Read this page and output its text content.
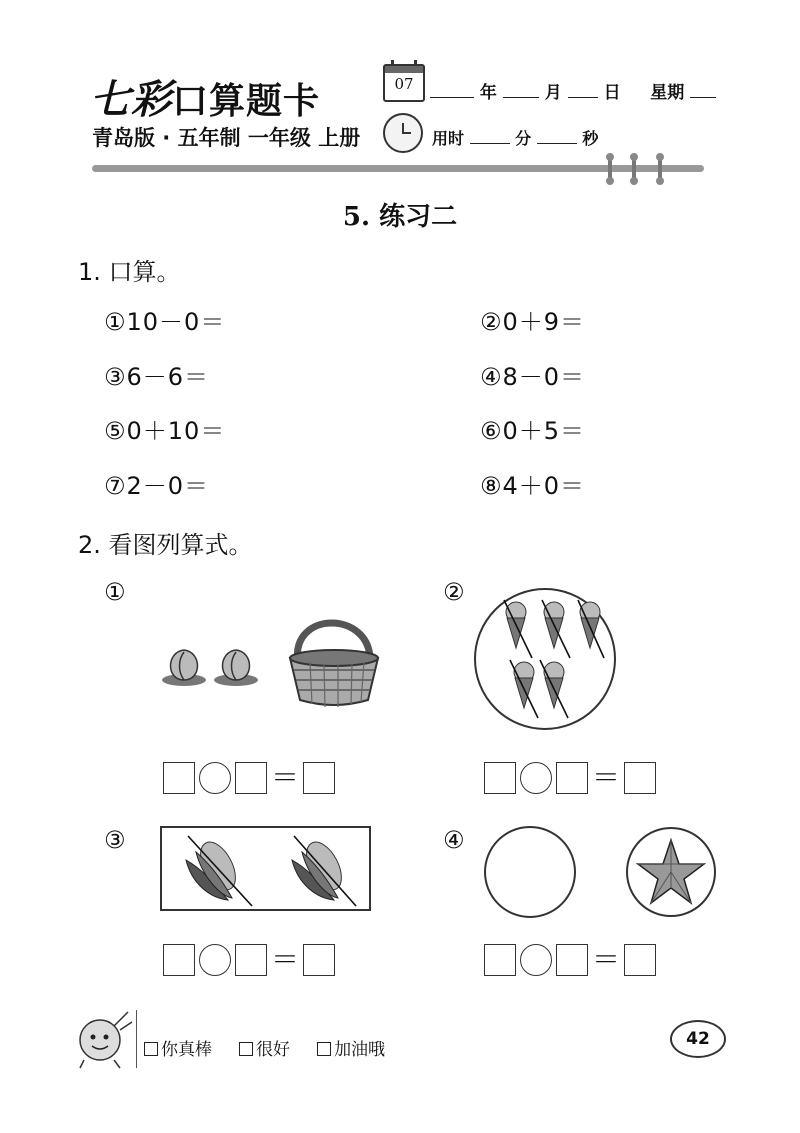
七彩口算题卡	07	年	月 日 星期
青岛版 · 五年制 一年级 上册	用时	分	秒
5. 练习二
1. 口算。
①10－0＝	②0＋9＝
③6－6＝	④8－0＝
⑤0＋10＝	⑥0＋5＝
⑦2－0＝	⑧4＋0＝
2. 看图列算式。
①
＝
②
＝
③
＝
④
＝
你真棒	很好	加油哦
42
